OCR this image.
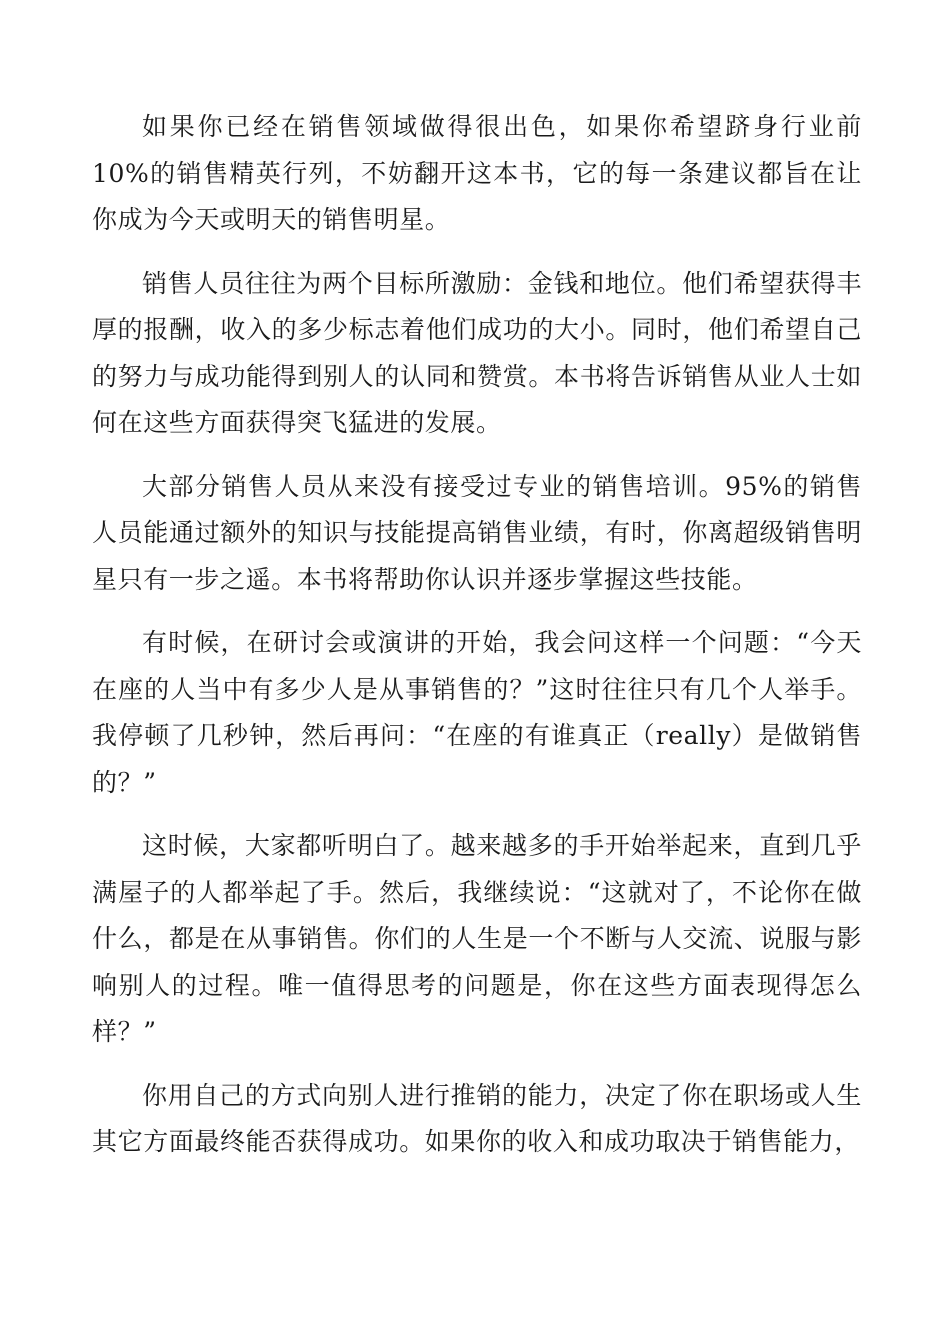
如果你已经在销售领域做得很出色，如果你希望跻身行业前 10%的销售精英行列，不妨翻开这本书，它的每一条建议都旨在让你成为今天或明天的销售明星。

销售人员往往为两个目标所激励：金钱和地位。他们希望获得丰厚的报酬，收入的多少标志着他们成功的大小。同时，他们希望自己的努力与成功能得到别人的认同和赞赏。本书将告诉销售从业人士如何在这些方面获得突飞猛进的发展。

大部分销售人员从来没有接受过专业的销售培训。95%的销售人员能通过额外的知识与技能提高销售业绩，有时，你离超级销售明星只有一步之遥。本书将帮助你认识并逐步掌握这些技能。

有时候，在研讨会或演讲的开始，我会问这样一个问题：“今天在座的人当中有多少人是从事销售的？”这时往往只有几个人举手。我停顿了几秒钟，然后再问：“在座的有谁真正（really）是做销售的？”

这时候，大家都听明白了。越来越多的手开始举起来，直到几乎满屋子的人都举起了手。然后，我继续说：“这就对了，不论你在做什么，都是在从事销售。你们的人生是一个不断与人交流、说服与影响别人的过程。唯一值得思考的问题是，你在这些方面表现得怎么样？”

你用自己的方式向别人进行推销的能力，决定了你在职场或人生其它方面最终能否获得成功。如果你的收入和成功取决于销售能力，
